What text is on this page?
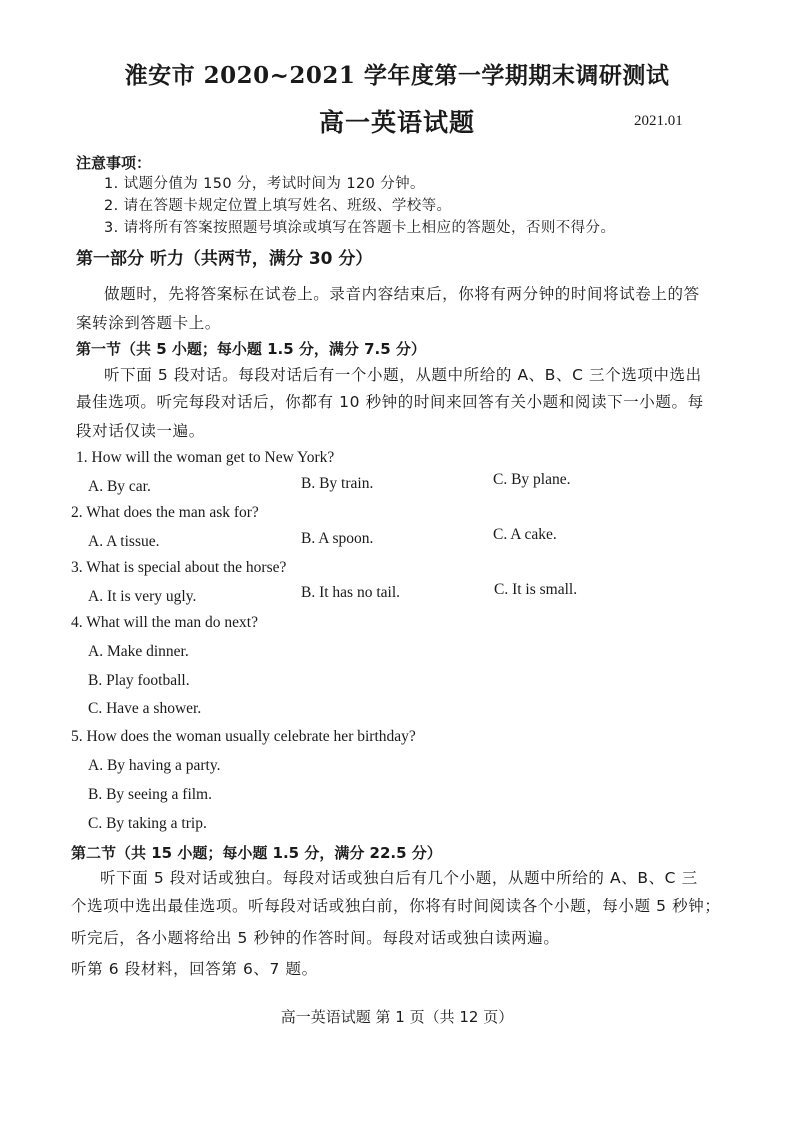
淮安市 2020~2021 学年度第一学期期末调研测试
高一英语试题	2021.01
注意事项：
1. 试题分值为 150 分，考试时间为 120 分钟。
2. 请在答题卡规定位置上填写姓名、班级、学校等。
3. 请将所有答案按照题号填涂或填写在答题卡上相应的答题处，否则不得分。
第一部分 听力（共两节，满分 30 分）
做题时，先将答案标在试卷上。录音内容结束后，你将有两分钟的时间将试卷上的答
案转涂到答题卡上。
第一节（共 5 小题；每小题 1.5 分，满分 7.5 分）
听下面 5 段对话。每段对话后有一个小题，从题中所给的 A、B、C 三个选项中选出
最佳选项。听完每段对话后，你都有 10 秒钟的时间来回答有关小题和阅读下一小题。每
段对话仅读一遍。
1. How will the woman get to New York?
A. By car.	B. By train.	C. By plane.
2. What does the man ask for?
A. A tissue.	B. A spoon.	C. A cake.
3. What is special about the horse?
A. It is very ugly.	B. It has no tail.	C. It is small.
4. What will the man do next?
A. Make dinner.
B. Play football.
C. Have a shower.
5. How does the woman usually celebrate her birthday?
A. By having a party.
B. By seeing a film.
C. By taking a trip.
第二节（共 15 小题；每小题 1.5 分，满分 22.5 分）
听下面 5 段对话或独白。每段对话或独白后有几个小题，从题中所给的 A、B、C 三
个选项中选出最佳选项。听每段对话或独白前，你将有时间阅读各个小题，每小题 5 秒钟；
听完后，各小题将给出 5 秒钟的作答时间。每段对话或独白读两遍。
听第 6 段材料，回答第 6、7 题。
高一英语试题 第 1 页（共 12 页）
